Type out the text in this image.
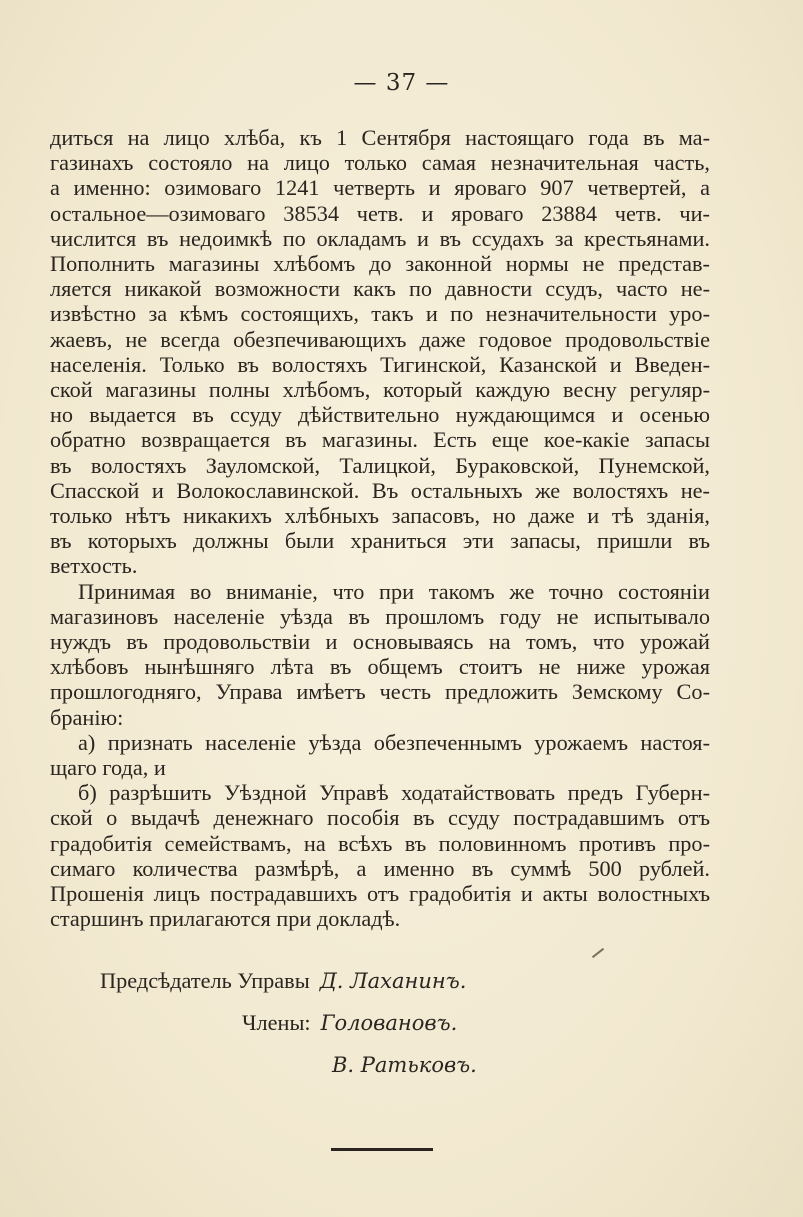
— 37 —
диться на лицо хлѣба, къ 1 Сентября настоящаго года въ ма-
газинахъ состояло на лицо только самая незначительная часть,
а именно: озимоваго 1241 четверть и яроваго 907 четвертей, а
остальное—озимоваго 38534 четв. и яроваго 23884 четв. чи-
числится въ недоимкѣ по окладамъ и въ ссудахъ за крестьянами.
Пополнить магазины хлѣбомъ до законной нормы не представ-
ляется никакой возможности какъ по давности ссудъ, часто не-
извѣстно за кѣмъ состоящихъ, такъ и по незначительности уро-
жаевъ, не всегда обезпечивающихъ даже годовое продовольствіе
населенія. Только въ волостяхъ Тигинской, Казанской и Введен-
ской магазины полны хлѣбомъ, который каждую весну регуляр-
но выдается въ ссуду дѣйствительно нуждающимся и осенью
обратно возвращается въ магазины. Есть еще кое-какіе запасы
въ волостяхъ Зауломской, Талицкой, Бураковской, Пунемской,
Спасской и Волокославинской. Въ остальныхъ же волостяхъ не-
только нѣтъ никакихъ хлѣбныхъ запасовъ, но даже и тѣ зданія,
въ которыхъ должны были храниться эти запасы, пришли въ
ветхость.
Принимая во вниманіе, что при такомъ же точно состояніи
магазиновъ населеніе уѣзда въ прошломъ году не испытывало
нуждъ въ продовольствіи и основываясь на томъ, что урожай
хлѣбовъ нынѣшняго лѣта въ общемъ стоитъ не ниже урожая
прошлогодняго, Управа имѣетъ честь предложить Земскому Со-
бранію:
а) признать населеніе уѣзда обезпеченнымъ урожаемъ настоя-
щаго года, и
б) разрѣшить Уѣздной Управѣ ходатайствовать предъ Губерн-
ской о выдачѣ денежнаго пособія въ ссуду пострадавшимъ отъ
градобитія семействамъ, на всѣхъ въ половинномъ противъ про-
симаго количества размѣрѣ, а именно въ суммѣ 500 рублей.
Прошенія лицъ пострадавшихъ отъ градобитія и акты волостныхъ
старшинъ прилагаются при докладѣ.
Предсѣдатель Управы Д. Лаханинъ.
Члены: Головановъ.
В. Ратьковъ.
